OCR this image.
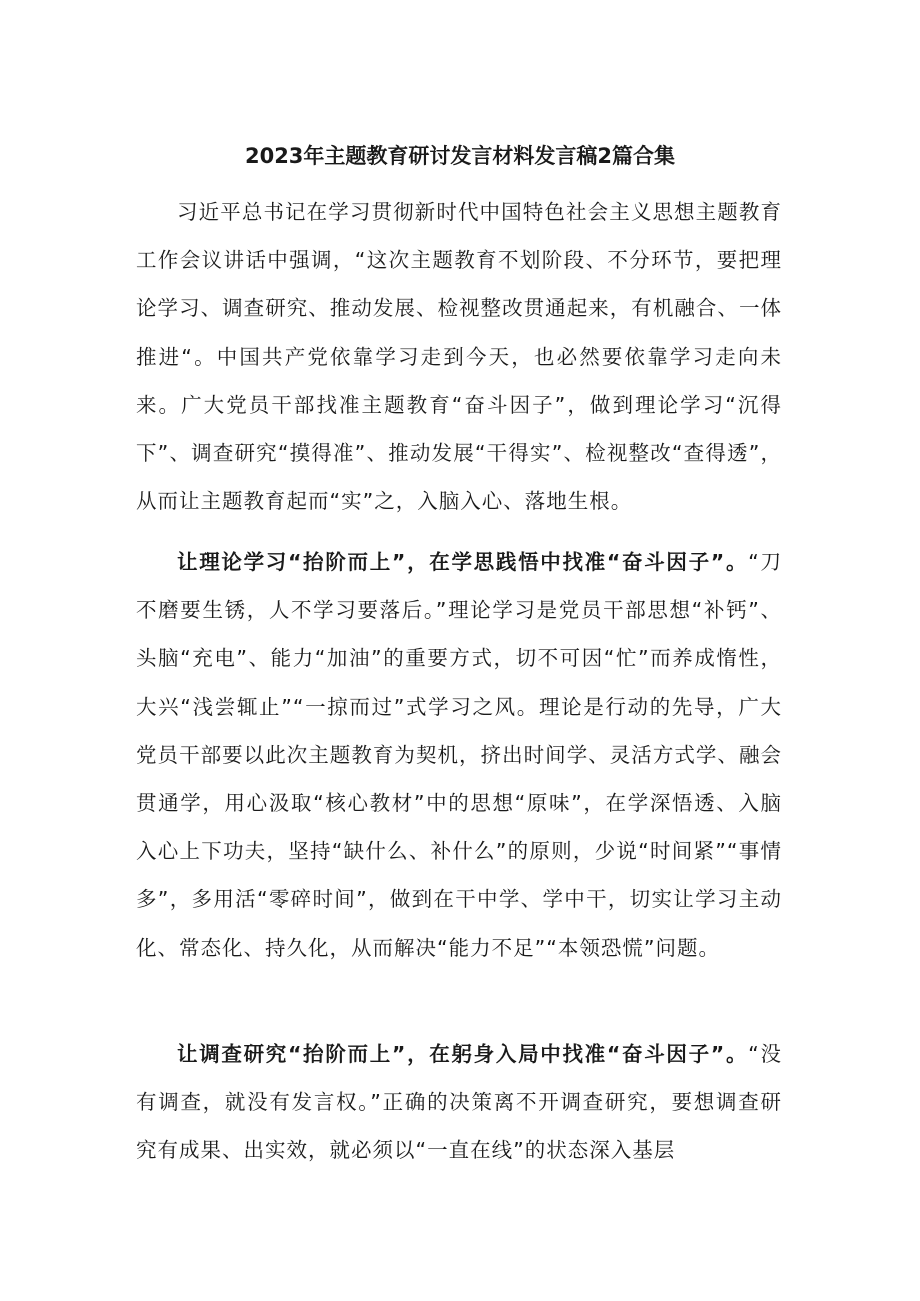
2023年主题教育研讨发言材料发言稿2篇合集

习近平总书记在学习贯彻新时代中国特色社会主义思想主题教育工作会议讲话中强调，“这次主题教育不划阶段、不分环节，要把理论学习、调查研究、推动发展、检视整改贯通起来，有机融合、一体推进“。中国共产党依靠学习走到今天，也必然要依靠学习走向未来。广大党员干部找准主题教育“奋斗因子”，做到理论学习“沉得下”、调查研究“摸得准”、推动发展“干得实”、检视整改“查得透”，从而让主题教育起而“实”之，入脑入心、落地生根。

让理论学习“抬阶而上”，在学思践悟中找准“奋斗因子”。“刀不磨要生锈，人不学习要落后。”理论学习是党员干部思想“补钙”、头脑“充电”、能力“加油”的重要方式，切不可因“忙”而养成惰性，大兴“浅尝辄止”“一掠而过”式学习之风。理论是行动的先导，广大党员干部要以此次主题教育为契机，挤出时间学、灵活方式学、融会贯通学，用心汲取“核心教材”中的思想“原味”，在学深悟透、入脑入心上下功夫，坚持“缺什么、补什么”的原则，少说“时间紧”“事情多”，多用活“零碎时间”，做到在干中学、学中干，切实让学习主动化、常态化、持久化，从而解决“能力不足”“本领恐慌”问题。

让调查研究“抬阶而上”，在躬身入局中找准“奋斗因子”。“没有调查，就没有发言权。”正确的决策离不开调查研究，要想调查研究有成果、出实效，就必须以“一直在线”的状态深入基层
